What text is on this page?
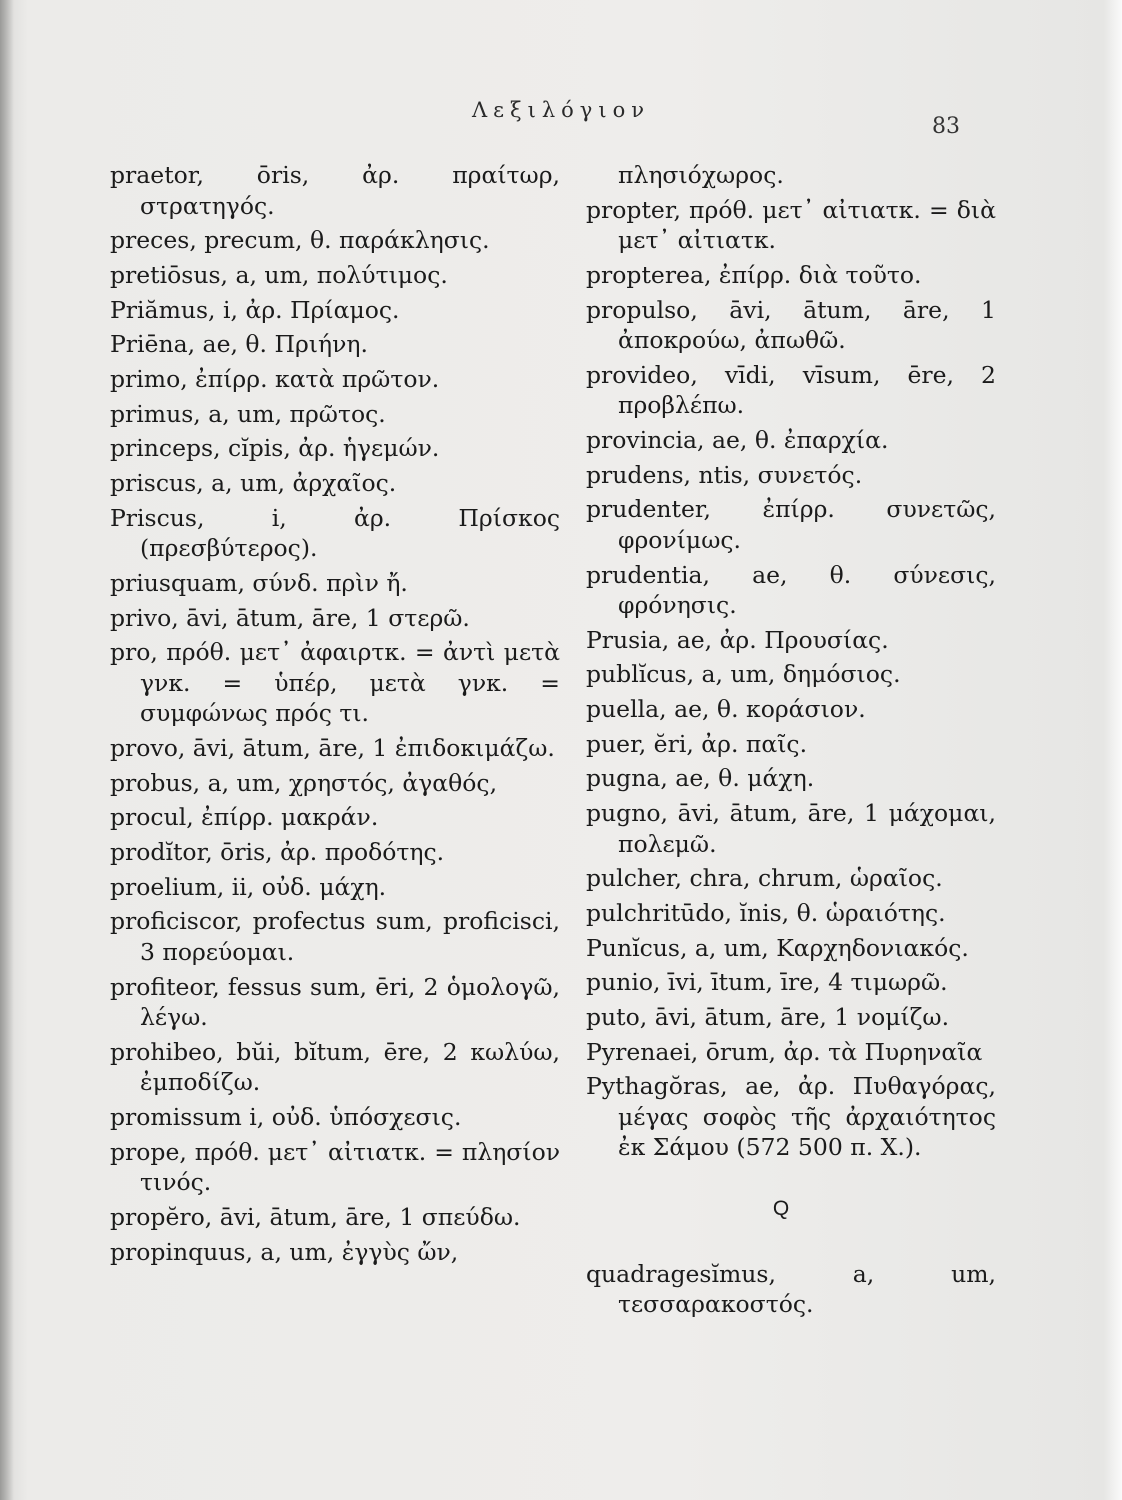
Λεξιλόγιον
83

praetor, ōris, ἀρ. πραίτωρ, στρατηγός.

preces, precum, θ. παράκλησις.

pretiōsus, a, um, πολύτιμος.

Priămus, i, ἀρ. Πρίαμος.

Priēna, ae, θ. Πριήνη.

primo, ἐπίρρ. κατὰ πρῶτον.

primus, a, um, πρῶτος.

princeps, cĭpis, ἀρ. ἡγεμών.

priscus, a, um, ἀρχαῖος.

Priscus, i, ἀρ. Πρίσκος (πρεσβύτερος).

priusquam, σύνδ. πρὶν ἤ.

privo, āvi, ātum, āre, 1 στερῶ.

pro, πρόθ. μετ᾽ ἀφαιρτκ. = ἀντὶ μετὰ γνκ. = ὑπέρ, μετὰ γνκ. = συμφώνως πρός τι.

provo, āvi, ātum, āre, 1 ἐπιδοκιμάζω.

probus, a, um, χρηστός, ἀγαθός,

procul, ἐπίρρ. μακράν.

prodĭtor, ōris, ἀρ. προδότης.

proelium, ii, οὐδ. μάχη.

proficiscor, profectus sum, proficisci, 3 πορεύομαι.

profiteor, fessus sum, ēri, 2 ὁμολογῶ, λέγω.

prohibeo, bŭi, bĭtum, ēre, 2 κωλύω, ἐμποδίζω.

promissum i, οὐδ. ὑπόσχεσις.

prope, πρόθ. μετ᾽ αἰτιατκ. = πλησίον τινός.

propĕro, āvi, ātum, āre, 1 σπεύδω.

propinquus, a, um, ἐγγὺς ὤν,

πλησιόχωρος.

propter, πρόθ. μετ᾽ αἰτιατκ. = διὰ μετ᾽ αἰτιατκ.

propterea, ἐπίρρ. διὰ τοῦτο.

propulso, āvi, ātum, āre, 1 ἀποκρούω, ἀπωθῶ.

provideo, vīdi, vīsum, ēre, 2 προβλέπω.

provincia, ae, θ. ἐπαρχία.

prudens, ntis, συνετός.

prudenter, ἐπίρρ. συνετῶς, φρονίμως.

prudentia, ae, θ. σύνεσις, φρόνησις.

Prusia, ae, ἀρ. Προυσίας.

publĭcus, a, um, δημόσιος.

puella, ae, θ. κοράσιον.

puer, ĕri, ἀρ. παῖς.

pugna, ae, θ. μάχη.

pugno, āvi, ātum, āre, 1 μάχομαι, πολεμῶ.

pulcher, chra, chrum, ὡραῖος.

pulchritūdo, ĭnis, θ. ὡραιότης.

Punĭcus, a, um, Καρχηδονιακός.

punio, īvi, ītum, īre, 4 τιμωρῶ.

puto, āvi, ātum, āre, 1 νομίζω.

Pyrenaei, ōrum, ἀρ. τὰ Πυρηναῖα

Pythagŏras, ae, ἀρ. Πυθαγόρας, μέγας σοφὸς τῆς ἀρχαιότητος ἐκ Σάμου (572 500 π. Χ.).

Q

quadragesĭmus, a, um, τεσσαρακοστός.
